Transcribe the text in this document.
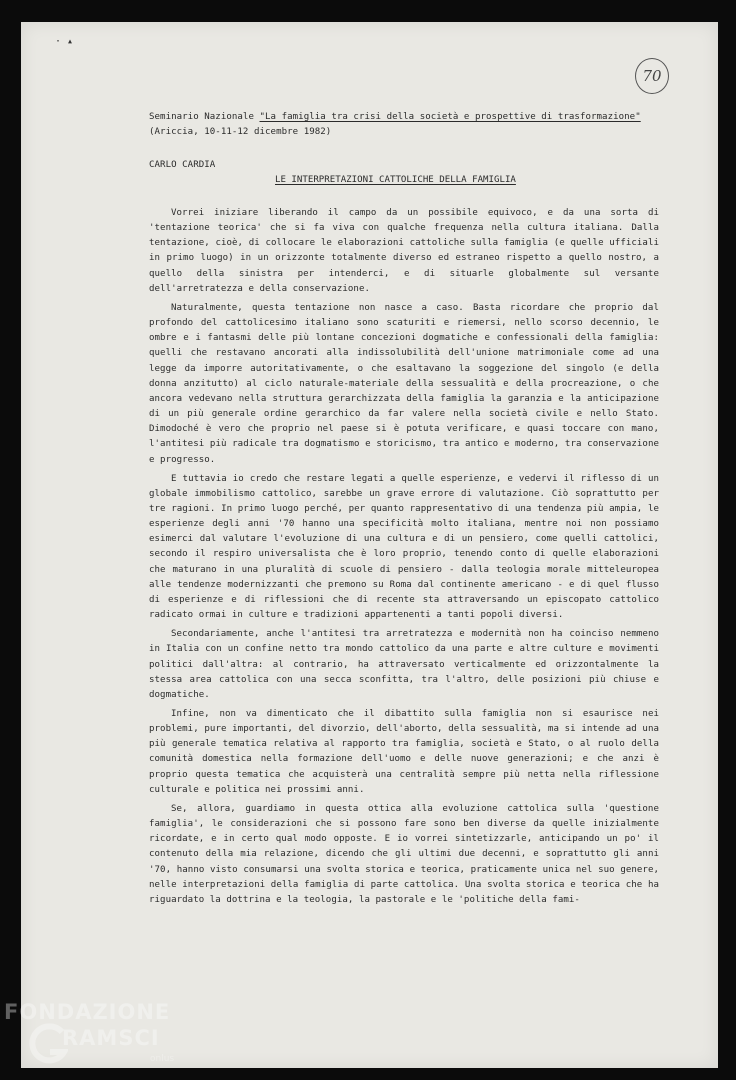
· ▴
70
Seminario Nazionale "La famiglia tra crisi della società e prospettive di trasformazione"
(Ariccia, 10-11-12 dicembre 1982)
CARLO CARDIA
LE INTERPRETAZIONI CATTOLICHE DELLA FAMIGLIA

Vorrei iniziare liberando il campo da un possibile equivoco, e da una sorta di 'tentazione teorica' che si fa viva con qualche frequenza nella cultura italiana. Dalla tentazione, cioè, di collocare le elaborazioni cattoliche sulla famiglia (e quelle ufficiali in primo luogo) in un orizzonte totalmente diverso ed estraneo rispetto a quello nostro, a quello della sinistra per intenderci, e di situarle globalmente sul versante dell'arretratezza e della conservazione.

Naturalmente, questa tentazione non nasce a caso. Basta ricordare che proprio dal profondo del cattolicesimo italiano sono scaturiti e riemersi, nello scorso decennio, le ombre e i fantasmi delle più lontane concezioni dogmatiche e confessionali della famiglia: quelli che restavano ancorati alla indissolubilità dell'unione matrimoniale come ad una legge da imporre autoritativamente, o che esaltavano la soggezione del singolo (e della donna anzitutto) al ciclo naturale-materiale della sessualità e della procreazione, o che ancora vedevano nella struttura gerarchizzata della famiglia la garanzia e la anticipazione di un più generale ordine gerarchico da far valere nella società civile e nello Stato. Dimodoché è vero che proprio nel paese si è potuta verificare, e quasi toccare con mano, l'antitesi più radicale tra dogmatismo e storicismo, tra antico e moderno, tra conservazione e progresso.

E tuttavia io credo che restare legati a quelle esperienze, e vedervi il riflesso di un globale immobilismo cattolico, sarebbe un grave errore di valutazione. Ciò soprattutto per tre ragioni. In primo luogo perché, per quanto rappresentativo di una tendenza più ampia, le esperienze degli anni '70 hanno una specificità molto italiana, mentre noi non possiamo esimerci dal valutare l'evoluzione di una cultura e di un pensiero, come quelli cattolici, secondo il respiro universalista che è loro proprio, tenendo conto di quelle elaborazioni che maturano in una pluralità di scuole di pensiero - dalla teologia morale mitteleuropea alle tendenze modernizzanti che premono su Roma dal continente americano - e di quel flusso di esperienze e di riflessioni che di recente sta attraversando un episcopato cattolico radicato ormai in culture e tradizioni appartenenti a tanti popoli diversi.

Secondariamente, anche l'antitesi tra arretratezza e modernità non ha coinciso nemmeno in Italia con un confine netto tra mondo cattolico da una parte e altre culture e movimenti politici dall'altra: al contrario, ha attraversato verticalmente ed orizzontalmente la stessa area cattolica con una secca sconfitta, tra l'altro, delle posizioni più chiuse e dogmatiche.

Infine, non va dimenticato che il dibattito sulla famiglia non si esaurisce nei problemi, pure importanti, del divorzio, dell'aborto, della sessualità, ma si intende ad una più generale tematica relativa al rapporto tra famiglia, società e Stato, o al ruolo della comunità domestica nella formazione dell'uomo e delle nuove generazioni; e che anzi è proprio questa tematica che acquisterà una centralità sempre più netta nella riflessione culturale e politica nei prossimi anni.

Se, allora, guardiamo in questa ottica alla evoluzione cattolica sulla 'questione famiglia', le considerazioni che si possono fare sono ben diverse da quelle inizialmente ricordate, e in certo qual modo opposte. E io vorrei sintetizzarle, anticipando un po' il contenuto della mia relazione, dicendo che gli ultimi due decenni, e soprattutto gli anni '70, hanno visto consumarsi una svolta storica e teorica, praticamente unica nel suo genere, nelle interpretazioni della famiglia di parte cattolica. Una svolta storica e teorica che ha riguardato la dottrina e la teologia, la pastorale e le 'politiche della fami-

FONDAZIONE
RAMSCI
onlus
